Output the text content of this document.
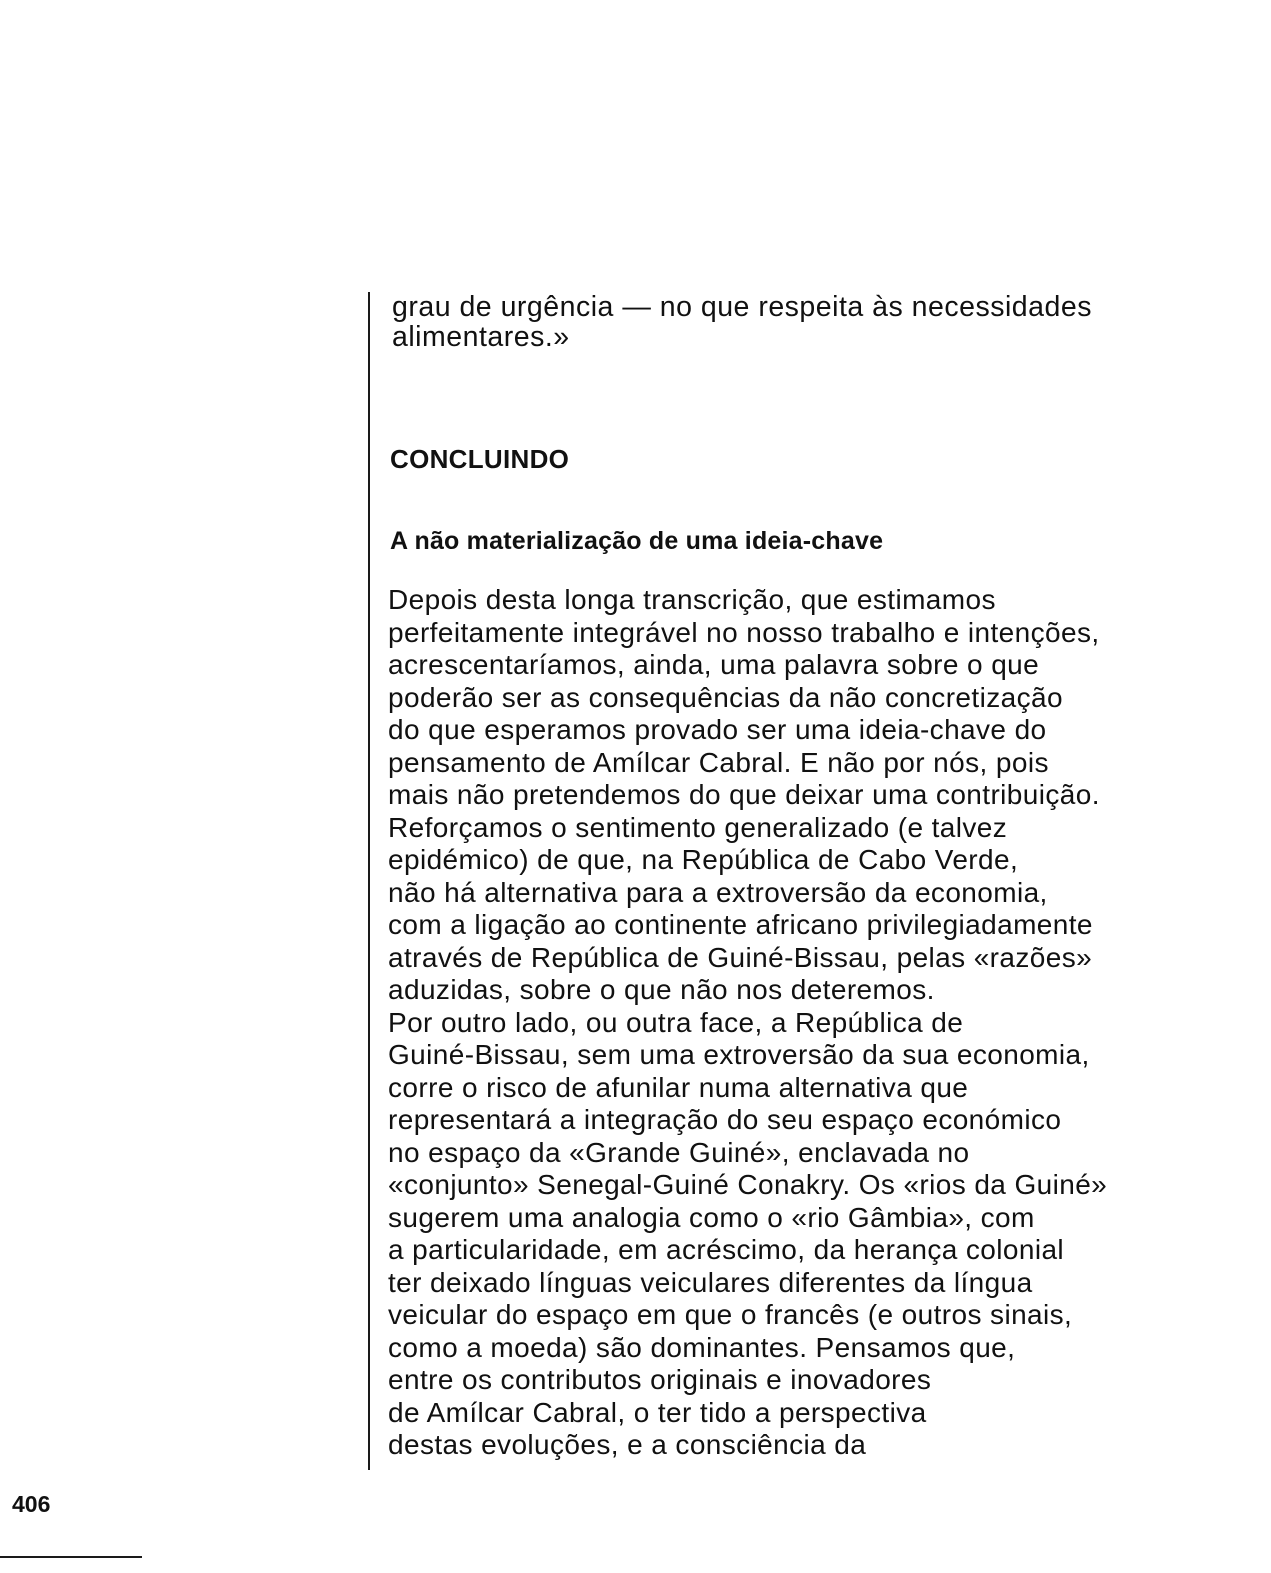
grau de urgência — no que respeita às necessidades
alimentares.»

CONCLUINDO
A não materialização de uma ideia-chave

Depois desta longa transcrição, que estimamos
perfeitamente integrável no nosso trabalho e intenções,
acrescentaríamos, ainda, uma palavra sobre o que
poderão ser as consequências da não concretização
do que esperamos provado ser uma ideia-chave do
pensamento de Amílcar Cabral. E não por nós, pois
mais não pretendemos do que deixar uma contribuição.
Reforçamos o sentimento generalizado (e talvez
epidémico) de que, na República de Cabo Verde,
não há alternativa para a extroversão da economia,
com a ligação ao continente africano privilegiadamente
através de República de Guiné-Bissau, pelas «razões»
aduzidas, sobre o que não nos deteremos.

Por outro lado, ou outra face, a República de
Guiné-Bissau, sem uma extroversão da sua economia,
corre o risco de afunilar numa alternativa que
representará a integração do seu espaço económico
no espaço da «Grande Guiné», enclavada no
«conjunto» Senegal-Guiné Conakry. Os «rios da Guiné»
sugerem uma analogia como o «rio Gâmbia», com
a particularidade, em acréscimo, da herança colonial
ter deixado línguas veiculares diferentes da língua
veicular do espaço em que o francês (e outros sinais,
como a moeda) são dominantes. Pensamos que,
entre os contributos originais e inovadores
de Amílcar Cabral, o ter tido a perspectiva
destas evoluções, e a consciência da

406
